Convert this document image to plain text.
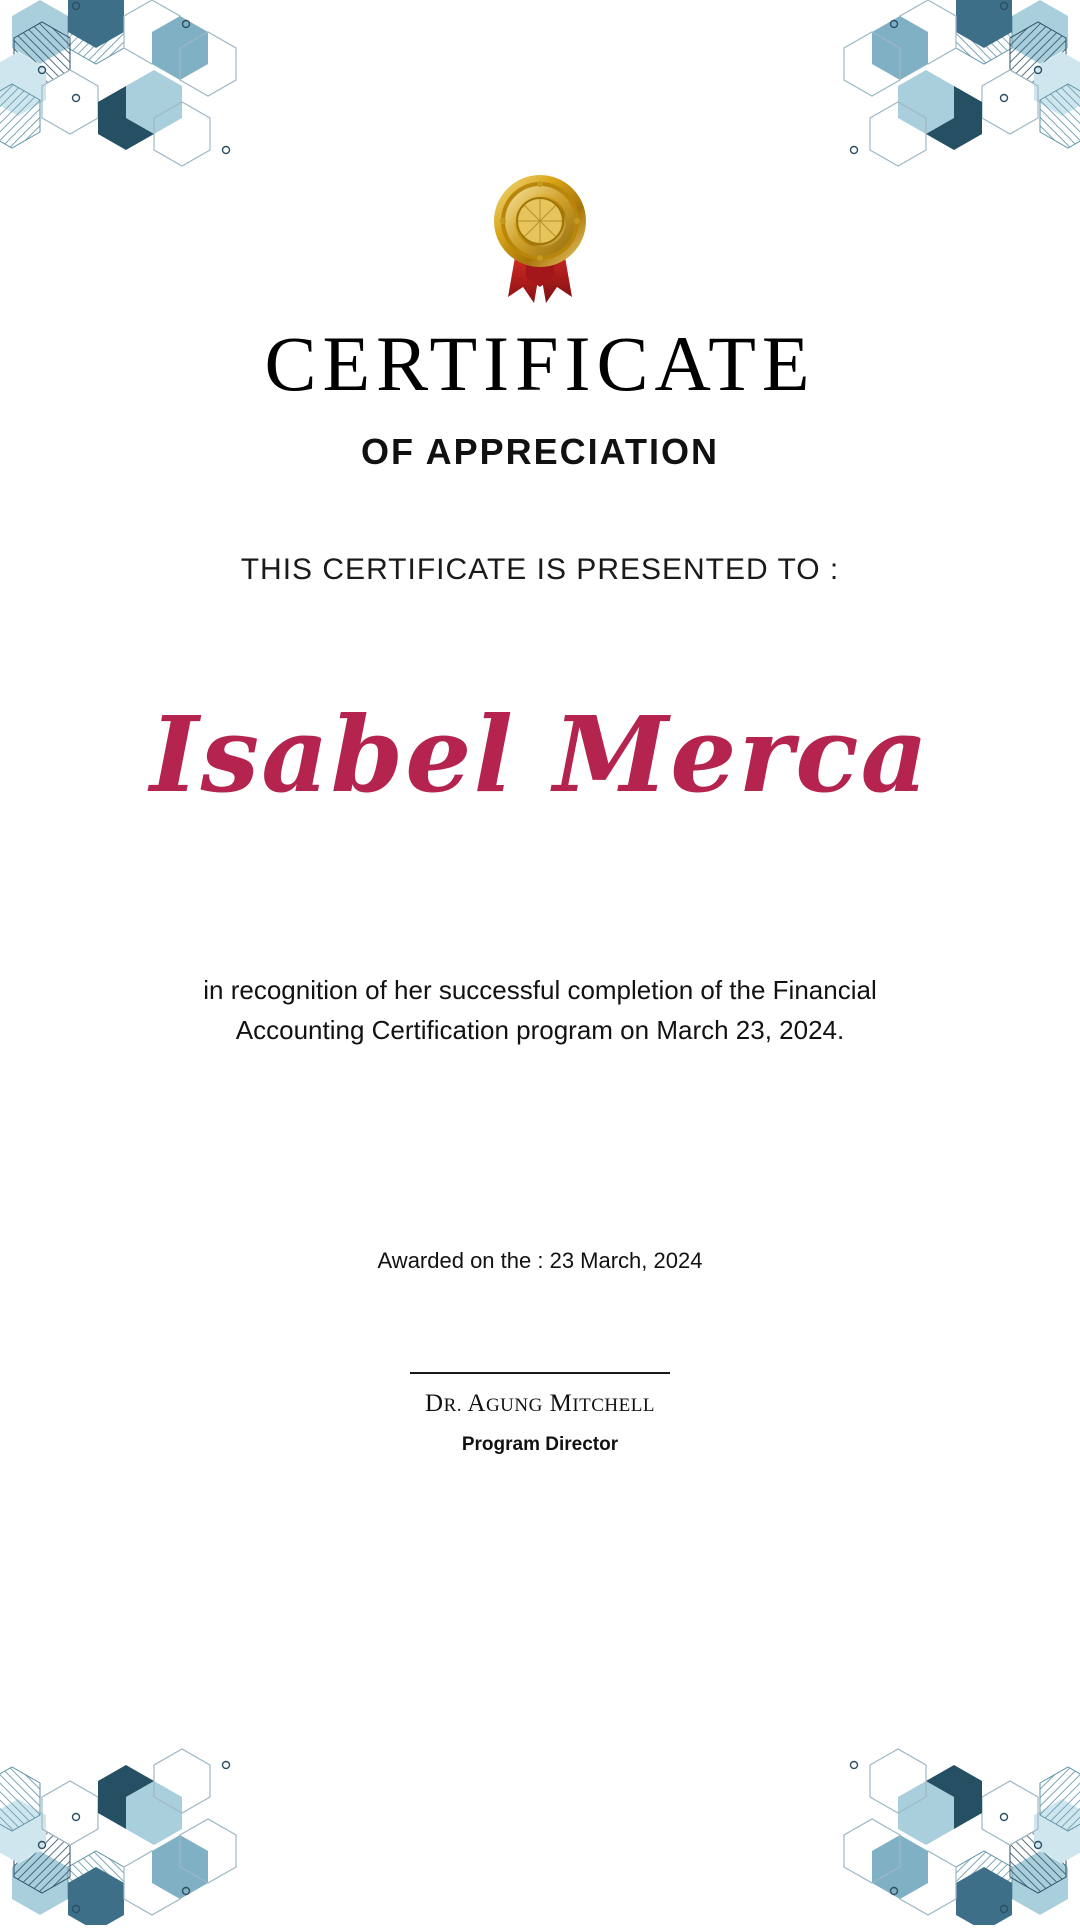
CERTIFICATE
OF APPRECIATION
THIS CERTIFICATE IS PRESENTED TO :
Isabel Merca
in recognition of her successful completion of the Financial Accounting Certification program on March 23, 2024.
Awarded on the : 23 March, 2024
DR. AGUNG MITCHELL
Program Director
